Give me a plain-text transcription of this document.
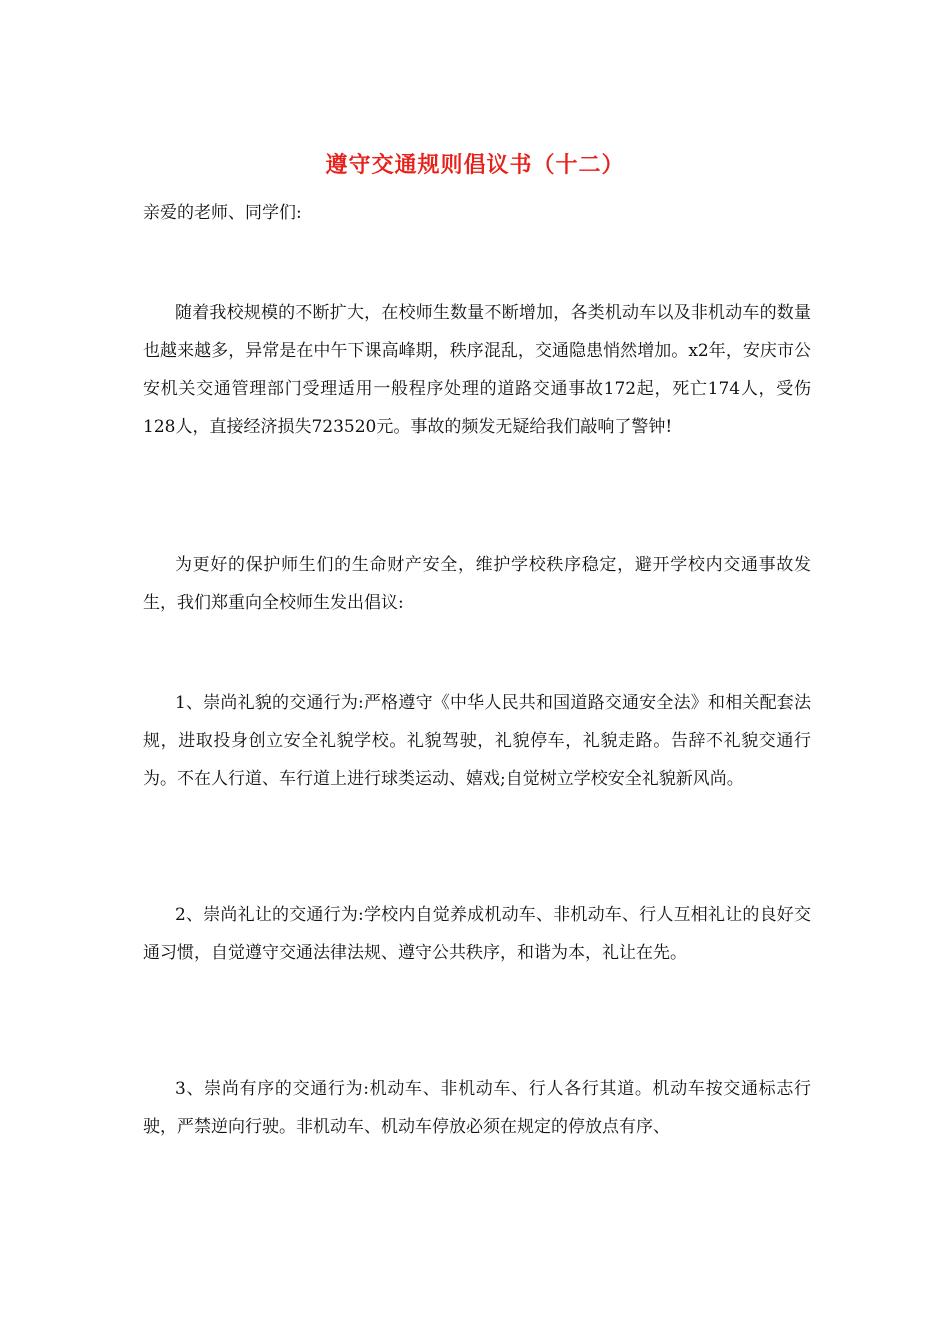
遵守交通规则倡议书（十二）
亲爱的老师、同学们:

随着我校规模的不断扩大，在校师生数量不断增加，各类机动车以及非机动车的数量也越来越多，异常是在中午下课高峰期，秩序混乱，交通隐患悄然增加。x2年，安庆市公安机关交通管理部门受理适用一般程序处理的道路交通事故172起，死亡174人，受伤128人，直接经济损失723520元。事故的频发无疑给我们敲响了警钟!

为更好的保护师生们的生命财产安全，维护学校秩序稳定，避开学校内交通事故发生，我们郑重向全校师生发出倡议:

1、崇尚礼貌的交通行为:严格遵守《中华人民共和国道路交通安全法》和相关配套法规，进取投身创立安全礼貌学校。礼貌驾驶，礼貌停车，礼貌走路。告辞不礼貌交通行为。不在人行道、车行道上进行球类运动、嬉戏;自觉树立学校安全礼貌新风尚。

2、崇尚礼让的交通行为:学校内自觉养成机动车、非机动车、行人互相礼让的良好交通习惯，自觉遵守交通法律法规、遵守公共秩序，和谐为本，礼让在先。

3、崇尚有序的交通行为:机动车、非机动车、行人各行其道。机动车按交通标志行驶，严禁逆向行驶。非机动车、机动车停放必须在规定的停放点有序、
